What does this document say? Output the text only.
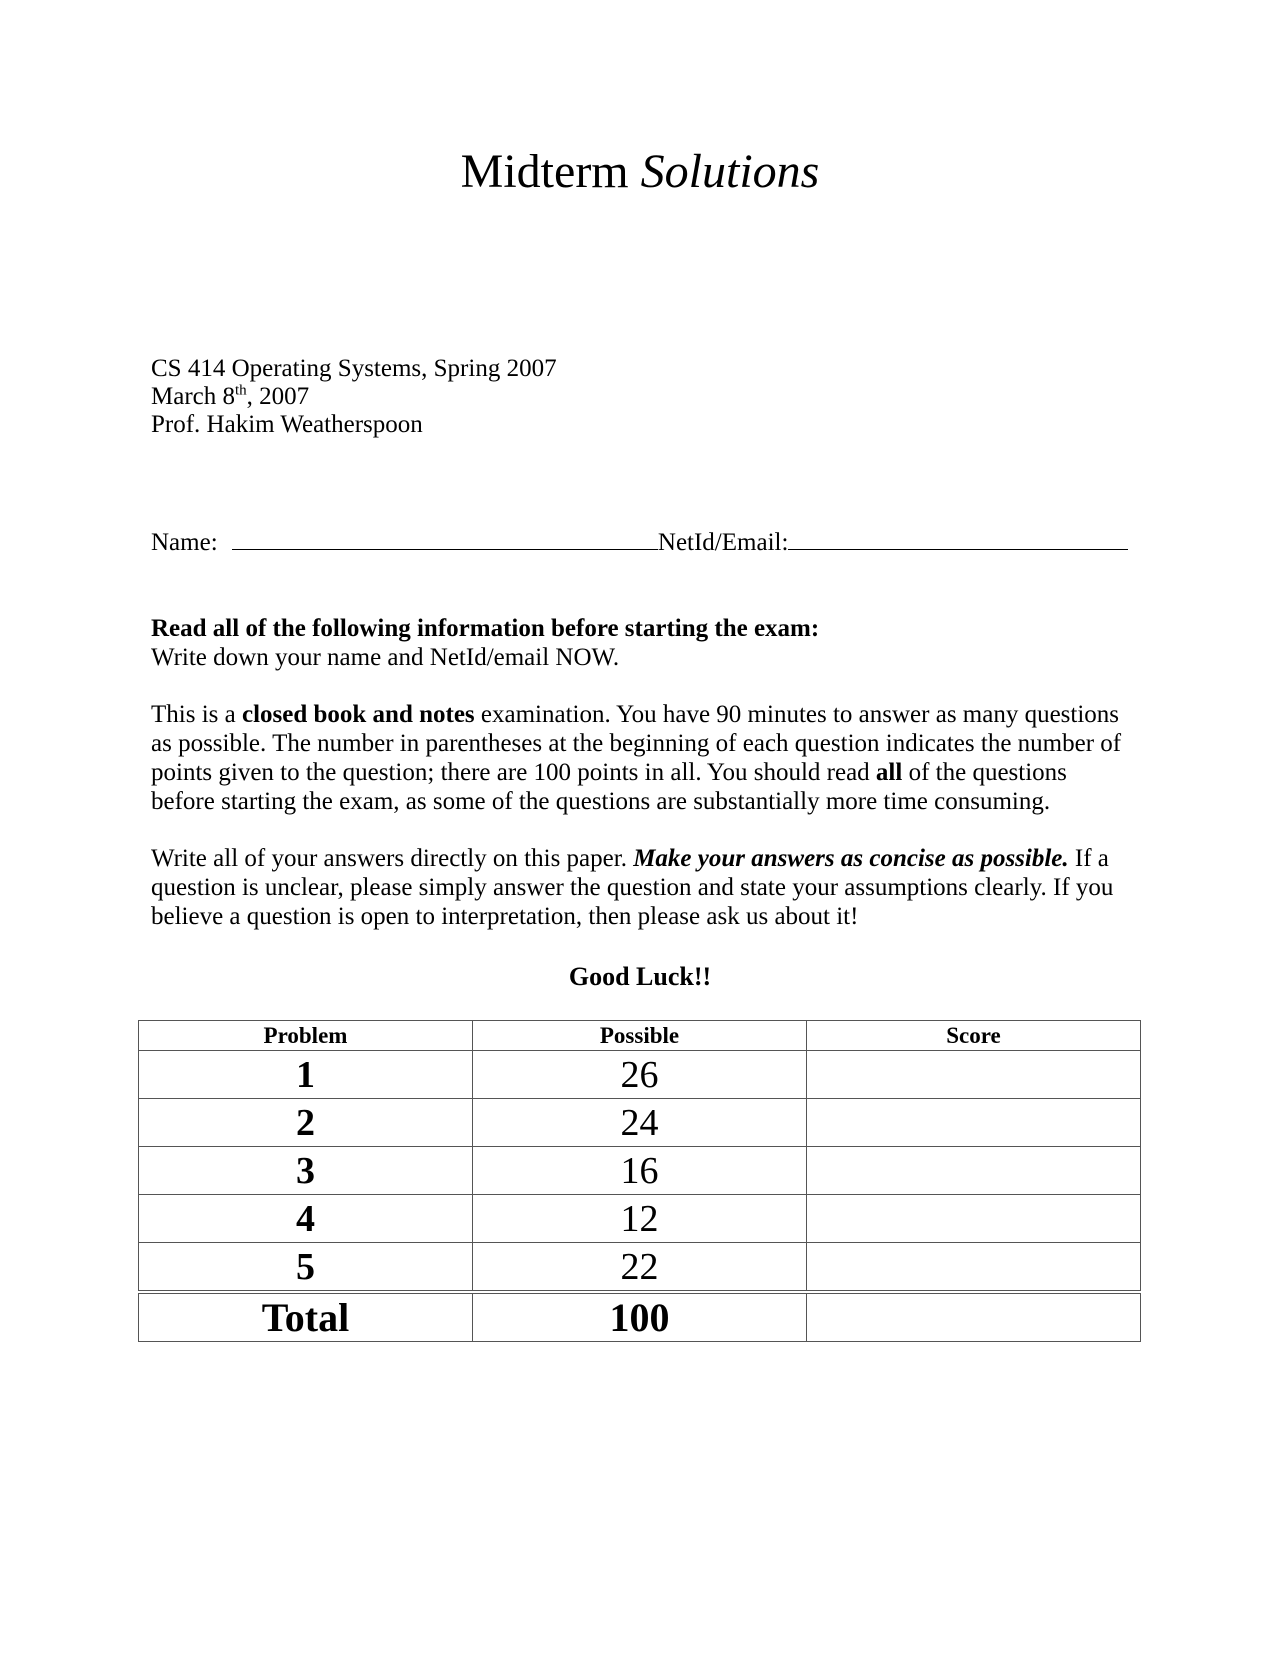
Midterm Solutions
CS 414 Operating Systems, Spring 2007
March 8th, 2007
Prof. Hakim Weatherspoon
Name:	NetId/Email:

Read all of the following information before starting the exam:
Write down your name and NetId/email NOW.

This is a closed book and notes examination. You have 90 minutes to answer as many questions as possible. The number in parentheses at the beginning of each question indicates the number of points given to the question; there are 100 points in all. You should read all of the questions before starting the exam, as some of the questions are substantially more time consuming.

Write all of your answers directly on this paper. Make your answers as concise as possible. If a question is unclear, please simply answer the question and state your assumptions clearly. If you believe a question is open to interpretation, then please ask us about it!

Good Luck!!
Problem	Possible	Score
1	26	
2	24	
3	16	
4	12	
5	22	
Total	100	
